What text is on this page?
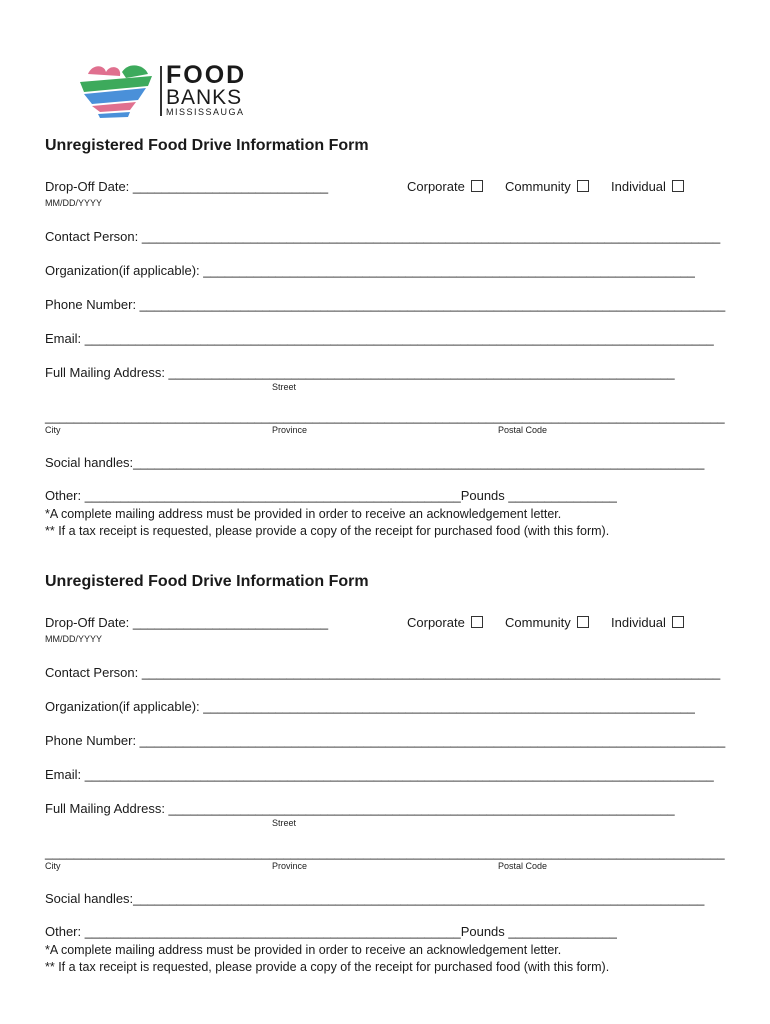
FOOD
BANKS
MISSISSAUGA
Unregistered Food Drive Information Form
Drop-Off Date: ___________________________
MM/DD/YYYY
Corporate	Community	Individual
Contact Person: ________________________________________________________________________________
Organization(if applicable): ____________________________________________________________________
Phone Number: _________________________________________________________________________________
Email: _______________________________________________________________________________________
Full Mailing Address: ______________________________________________________________________
Street
______________________________________________________________________________________________
City	Province	Postal Code
Social handles:_______________________________________________________________________________
Other: ____________________________________________________Pounds _______________
*A complete mailing address must be provided in order to receive an acknowledgement letter.
** If a tax receipt is requested, please provide a copy of the receipt for purchased food (with this form).
Unregistered Food Drive Information Form
Drop-Off Date: ___________________________
MM/DD/YYYY
Corporate	Community	Individual
Contact Person: ________________________________________________________________________________
Organization(if applicable): ____________________________________________________________________
Phone Number: _________________________________________________________________________________
Email: _______________________________________________________________________________________
Full Mailing Address: ______________________________________________________________________
Street
______________________________________________________________________________________________
City	Province	Postal Code
Social handles:_______________________________________________________________________________
Other: ____________________________________________________Pounds _______________
*A complete mailing address must be provided in order to receive an acknowledgement letter.
** If a tax receipt is requested, please provide a copy of the receipt for purchased food (with this form).
